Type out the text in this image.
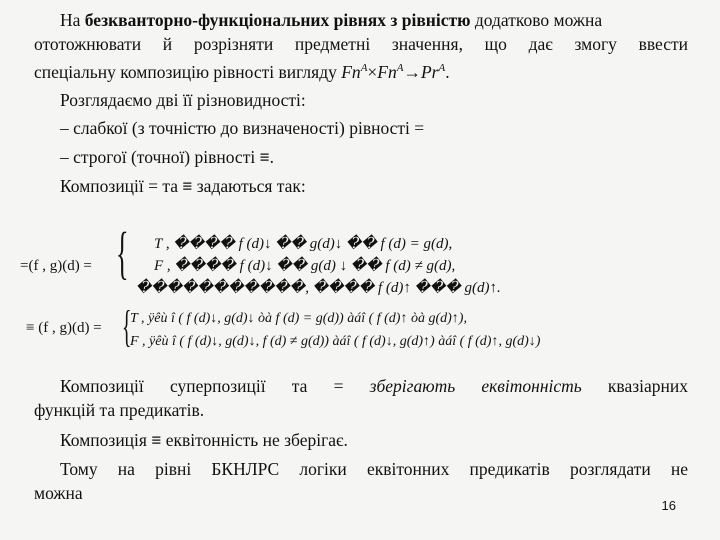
На безкванторно-функціональних рівнях з рівністю додатково можна
ототожнювати й розрізняти предметні значення, що дає змогу ввести
спеціальну композицію рівності вигляду $Fn^A\times Fn^A\to Pr^A$.
Розглядаємо дві її різновидності:
– слабкої (з точністю до визначеності) рівності =
– строгої (точної) рівності ≡.
Композиції = та ≡ задаються так:
=(f , g)(d) = { T , ���� f (d)↓ �� g(d)↓ �� f (d) = g(d),
F , ���� f (d)↓ �� g(d) ↓ �� f (d) ≠ g(d),
�����������, ���� f (d)↑ ��� g(d)↑.
≡ (f , g)(d) = {
T , ÿêù î ( f (d)↓, g(d)↓ òà f (d) = g(d)) àáî ( f (d)↑ òà g(d)↑),
F , ÿêù î ( f (d)↓, g(d)↓, f (d) ≠ g(d)) àáî ( f (d)↓, g(d)↑) àáî ( f (d)↑, g(d)↓)
Композиції суперпозиції та = зберігають еквітонність квазіарних
функцій та предикатів.
Композиція ≡ еквітонність не зберігає.
Тому на рівні БКНЛРС логіки еквітонних предикатів розглядати не
можна
16
